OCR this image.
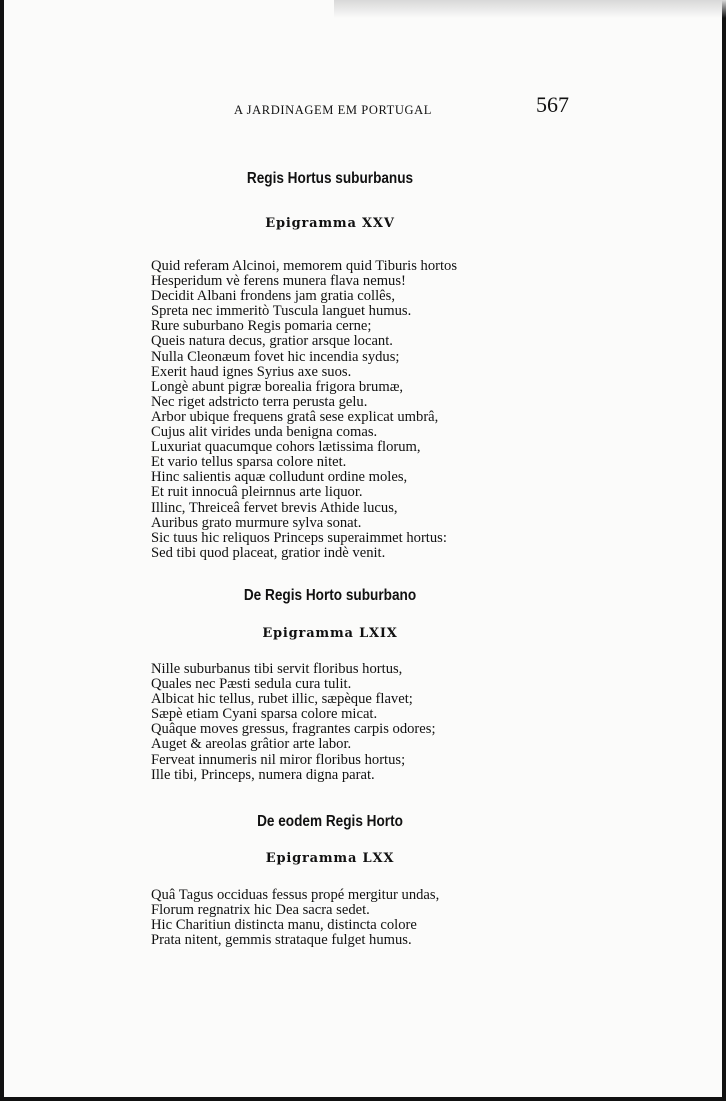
A JARDINAGEM EM PORTUGAL	567
Regis Hortus suburbanus
Epigramma XXV
Quid referam Alcinoi, memorem quid Tiburis hortos
Hesperidum vè ferens munera flava nemus!
Decidit Albani frondens jam gratia collês,
Spreta nec immeritò Tuscula languet humus.
Rure suburbano Regis pomaria cerne;
Queis natura decus, gratior arsque locant.
Nulla Cleonæum fovet hic incendia sydus;
Exerit haud ignes Syrius axe suos.
Longè abunt pigræ borealia frigora brumæ,
Nec riget adstricto terra perusta gelu.
Arbor ubique frequens gratâ sese explicat umbrâ,
Cujus alit virides unda benigna comas.
Luxuriat quacumque cohors lætissima florum,
Et vario tellus sparsa colore nitet.
Hinc salientis aquæ colludunt ordine moles,
Et ruit innocuâ pleirnnus arte liquor.
Illinc, Threiceâ fervet brevis Athide lucus,
Auribus grato murmure sylva sonat.
Sic tuus hic reliquos Princeps superaimmet hortus:
Sed tibi quod placeat, gratior indè venit.
De Regis Horto suburbano
Epigramma LXIX
Nille suburbanus tibi servit floribus hortus,
Quales nec Pæsti sedula cura tulit.
Albicat hic tellus, rubet illic, sæpèque flavet;
Sæpè etiam Cyani sparsa colore micat.
Quâque moves gressus, fragrantes carpis odores;
Auget & areolas grâtior arte labor.
Ferveat innumeris nil miror floribus hortus;
Ille tibi, Princeps, numera digna parat.
De eodem Regis Horto
Epigramma LXX
Quâ Tagus occiduas fessus propé mergitur undas,
Florum regnatrix hic Dea sacra sedet.
Hic Charitiun distincta manu, distincta colore
Prata nitent, gemmis strataque fulget humus.
